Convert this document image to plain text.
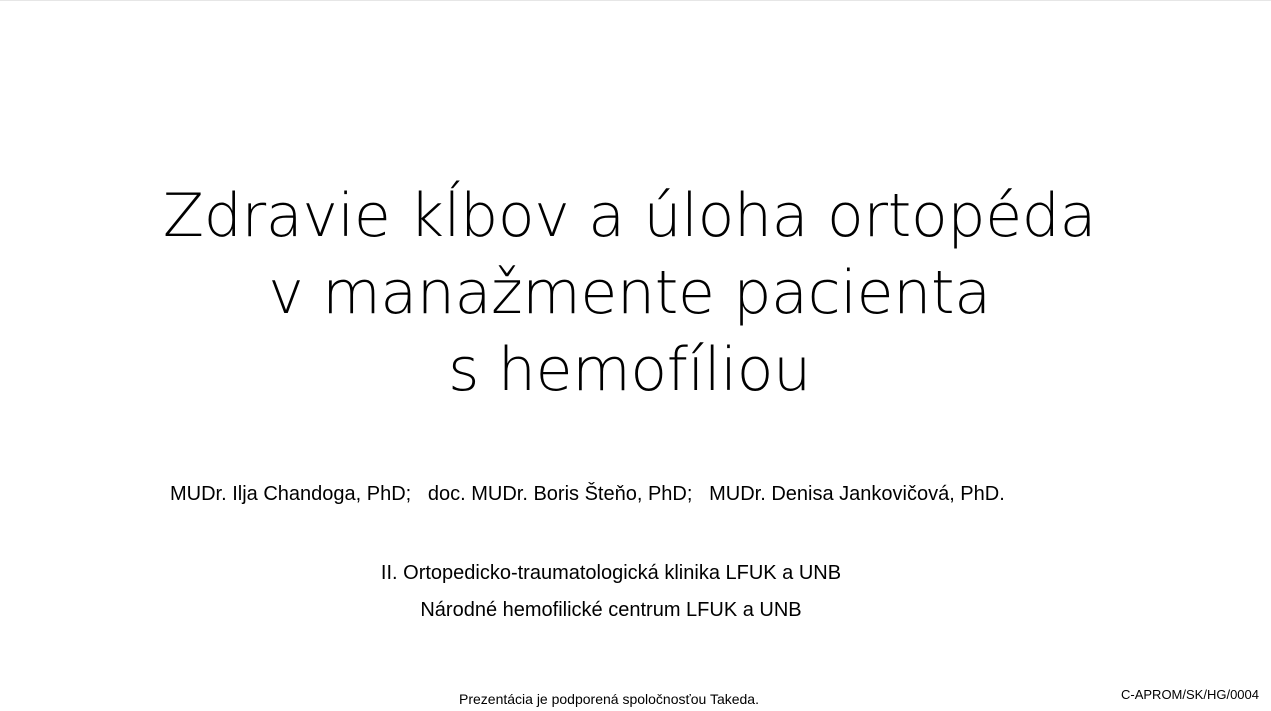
Zdravie kĺbov a úloha ortopéda
v manažmente pacienta
s hemofíliou
MUDr. Ilja Chandoga, PhD;   doc. MUDr. Boris Šteňo, PhD;   MUDr. Denisa Jankovičová, PhD.
II. Ortopedicko-traumatologická klinika LFUK a UNB
Národné hemofilické centrum LFUK a UNB
Prezentácia je podporená spoločnosťou Takeda.	C-APROM/SK/HG/0004
